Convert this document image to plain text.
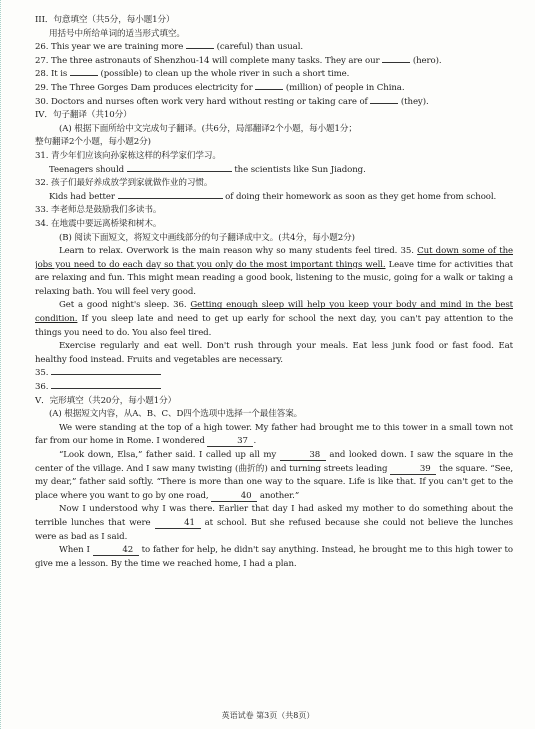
III．句意填空（共5分，每小题1分）
用括号中所给单词的适当形式填空。
26. This year we are training more	(careful) than usual.
27. The three astronauts of Shenzhou-14 will complete many tasks. They are our	(hero).
28. It is	(possible) to clean up the whole river in such a short time.
29. The Three Gorges Dam produces electricity for	(million) of people in China.
30. Doctors and nurses often work very hard without resting or taking care of	(they).
IV．句子翻译（共10分）
(A) 根据下面所给中文完成句子翻译。(共6分，局部翻译2个小题，每小题1分；
整句翻译2个小题，每小题2分)
31. 青少年们应该向孙家栋这样的科学家们学习。
Teenagers should	the scientists like Sun Jiadong.
32. 孩子们最好养成放学到家就做作业的习惯。
Kids had better	of doing their homework as soon as they get home from school.
33. 李老师总是鼓励我们多读书。
34. 在地震中要远离桥梁和树木。
(B) 阅读下面短文，将短文中画线部分的句子翻译成中文。(共4分，每小题2分)
Learn to relax. Overwork is the main reason why so many students feel tired. 35. Cut down some of the jobs you need to do each day so that you only do the most important things well. Leave time for activities that are relaxing and fun. This might mean reading a good book, listening to the music, going for a walk or taking a relaxing bath. You will feel very good.
Get a good night's sleep. 36. Getting enough sleep will help you keep your body and mind in the best condition. If you sleep late and need to get up early for school the next day, you can't pay attention to the things you need to do. You also feel tired.
Exercise regularly and eat well. Don't rush through your meals. Eat less junk food or fast food. Eat healthy food instead. Fruits and vegetables are necessary.
35.
36.
V．完形填空（共20分，每小题1分）
(A) 根据短文内容，从A、B、C、D四个选项中选择一个最佳答案。
We were standing at the top of a high tower. My father had brought me to this tower in a small town not far from our home in Rome. I wondered	37 .
“Look down, Elsa,” father said. I called up all my	38 and looked down. I saw the square in the center of the village. And I saw many twisting (曲折的) and turning streets leading	39 the square. “See, my dear,” father said softly. “There is more than one way to the square. Life is like that. If you can't get to the place where you want to go by one road,	40 another.”
Now I understood why I was there. Earlier that day I had asked my mother to do something about the terrible lunches that were	41 at school. But she refused because she could not believe the lunches were as bad as I said.
When I	42 to father for help, he didn't say anything. Instead, he brought me to this high tower to give me a lesson. By the time we reached home, I had a plan.
英语试卷 第3页（共8页）
